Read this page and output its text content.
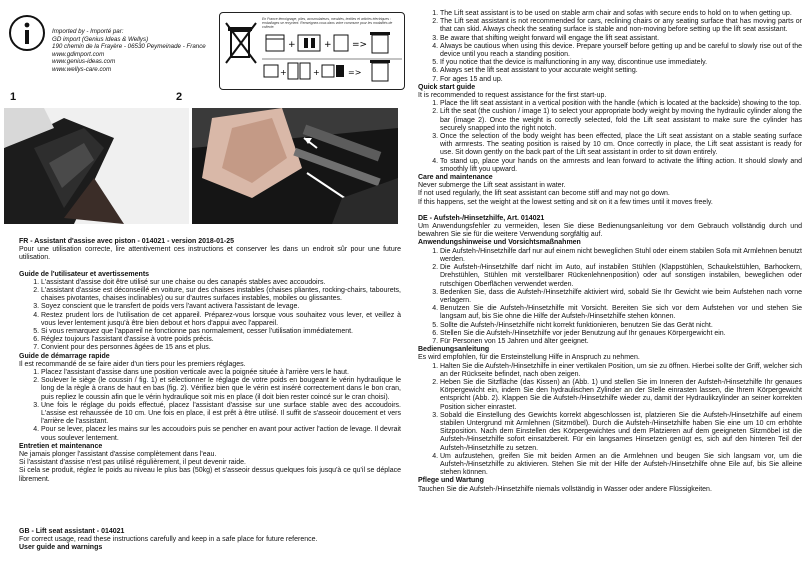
Imported by - Importé par:
GD import (Genius Ideas & Wellys)
190 chemin de la Frayère - 06530 Peymeinade - France
www.gdimport.com
www.genius-ideas.com
www.wellys-care.com
En France témoignage, piles, accumulateurs, meubles, textiles et articles électriques : emballages se recyclent. Renseignez-vous dans votre commune pour les modalités de collecte.
+	+ =>
+	+	=>
1	2
FR - Assistant d'assise avec piston - 014021 - version 2018-01-25

Pour une utilisation correcte, lire attentivement ces instructions et conserver les dans un endroit sûr pour une future utilisation.

Guide de l'utilisateur et avertissements
1. L'assistant d'assise doit être utilisé sur une chaise ou des canapés stables avec accoudoirs.
2. L'assistant d'assise est déconseillé en voiture, sur des chaises instables (chaises pliantes, rocking-chairs, tabourets, chaises pivotantes, chaises inclinables) ou sur d'autres surfaces instables, mobiles ou glissantes.
3. Soyez conscient que le transfert de poids vers l'avant activera l'assistant de levage.
4. Restez prudent lors de l'utilisation de cet appareil. Préparez-vous lorsque vous souhaitez vous lever, et veillez à vous lever lentement jusqu'à être bien debout et hors d'appui avec l'appareil.
5. Si vous remarquez que l'appareil ne fonctionne pas normalement, cesser l'utilisation immédiatement.
6. Réglez toujours l'assistant d'assise à votre poids précis.
7. Convient pour des personnes âgées de 15 ans et plus.
Guide de démarrage rapide

Il est recommandé de se faire aider d'un tiers pour les premiers réglages.

1. Placez l'assistant d'assise dans une position verticale avec la poignée située à l'arrière vers le haut.
2. Soulever le siège (le coussin / fig. 1) et sélectionner le réglage de votre poids en bougeant le vérin hydraulique le long de la règle à crans de haut en bas (fig. 2). Vérifiez bien que le vérin est inséré correctement dans le bon cran, puis repliez le coussin afin que le vérin hydraulique soit mis en place (il doit bien rester coincé sur le cran choisi).
3. Une fois le réglage du poids effectué, placez l'assistant d'assise sur une surface stable avec des accoudoirs. L'assise est rehaussée de 10 cm. Une fois en place, il est prêt à être utilisé. Il suffit de s'asseoir doucement et vers l'arrière de l'assistant.
4. Pour se lever, placez les mains sur les accoudoirs puis se pencher en avant pour activer l'action de levage. Il devrait vous soulever lentement.
Entretien et maintenance

Ne jamais plonger l'assistant d'assise complètement dans l'eau.

Si l'assistant d'assise n'est pas utilisé régulièrement, il peut devenir raide.

Si cela se produit, réglez le poids au niveau le plus bas (50kg) et s'asseoir dessus quelques fois jusqu'à ce qu'il se déplace librement.

GB - Lift seat assistant - 014021

For correct usage, read these instructions carefully and keep in a safe place for future reference.

User guide and warnings
1. The Lift seat assistant is to be used on stable arm chair and sofas with secure ends to hold on to when getting up.
2. The Lift seat assistant is not recommended for cars, reclining chairs or any seating surface that has moving parts or that can skid. Always check the seating surface is stable and non-moving before setting up the lift seat assistant.
3. Be aware that shifting weight forward will engage the lift seat assistant.
4. Always be cautious when using this device. Prepare yourself before getting up and be careful to slowly rise out of the device until you reach a standing position.
5. If you notice that the device is malfunctioning in any way, discontinue use immediately.
6. Always set the lift seat assistant to your accurate weight setting.
7. For ages 15 and up.
Quick start guide

It is recommended to request assistance for the first start-up.

1. Place the lift seat assistant in a vertical position with the handle (which is located at the backside) showing to the top.
2. Lift the seat (the cushion / image 1) to select your appropriate body weight by moving the hydraulic cylinder along the bar (image 2). Once the weight is correctly selected, fold the Lift seat assistant to make sure the cylinder has securely snapped into the right notch.
3. Once the selection of the body weight has been effected, place the Lift seat assistant on a stable seating surface with armrests. The seating position is raised by 10 cm. Once correctly in place, the Lift seat assistant is ready for use. Sit down gently on the back part of the Lift seat assistant in order to sit down entirely.
4. To stand up, place your hands on the armrests and lean forward to activate the lifting action. It should slowly and smoothly lift you upward.
Care and maintenance

Never submerge the Lift seat assistant in water.

If not used regularly, the lift seat assistant can become stiff and may not go down.

If this happens, set the weight at the lowest setting and sit on it a few times until it moves freely.

DE - Aufsteh-/Hinsetzhilfe, Art. 014021

Um Anwendungsfehler zu vermeiden, lesen Sie diese Bedienungsanleitung vor dem Gebrauch vollständig durch und bewahren Sie sie für die weitere Verwendung sorgfältig auf.

Anwendungshinweise und Vorsichtsmaßnahmen
1. Die Aufsteh-/Hinsetzhilfe darf nur auf einem nicht beweglichen Stuhl oder einem stabilen Sofa mit Armlehnen benutzt werden.
2. Die Aufsteh-/Hinsetzhilfe darf nicht im Auto, auf instabilen Stühlen (Klappstühlen, Schaukelstühlen, Barhockern, Drehstühlen, Stühlen mit verstellbarer Rückenlehnenposition) oder auf sonstigen instabilen, beweglichen oder rutschigen Oberflächen verwendet werden.
3. Bedenken Sie, dass die Aufsteh-/Hinsetzhilfe aktiviert wird, sobald Sie Ihr Gewicht wie beim Aufstehen nach vorne verlagern.
4. Benutzen Sie die Aufsteh-/Hinsetzhilfe mit Vorsicht. Bereiten Sie sich vor dem Aufstehen vor und stehen Sie langsam auf, bis Sie ohne die Hilfe der Aufsteh-/Hinsetzhilfe stehen können.
5. Sollte die Aufsteh-/Hinsetzhilfe nicht korrekt funktionieren, benutzen Sie das Gerät nicht.
6. Stellen Sie die Aufsteh-/Hinsetzhilfe vor jeder Benutzung auf Ihr genaues Körpergewicht ein.
7. Für Personen von 15 Jahren und älter geeignet.
Bedienungsanleitung

Es wird empfohlen, für die Ersteinstellung Hilfe in Anspruch zu nehmen.

1. Halten Sie die Aufsteh-/Hinsetzhilfe in einer vertikalen Position, um sie zu öffnen. Hierbei sollte der Griff, welcher sich an der Rückseite befindet, nach oben zeigen.
2. Heben Sie die Sitzfläche (das Kissen) an (Abb. 1) und stellen Sie im Inneren der Aufsteh-/Hinsetzhilfe Ihr genaues Körpergewicht ein, indem Sie den hydraulischen Zylinder an der Stelle einrasten lassen, die Ihrem Körpergewicht entspricht (Abb. 2). Klappen Sie die Aufsteh-/Hinsetzhilfe wieder zu, damit der Hydraulikzylinder an seiner korrekten Position sicher einrastet.
3. Sobald die Einstellung des Gewichts korrekt abgeschlossen ist, platzieren Sie die Aufsteh-/Hinsetzhilfe auf einem stabilen Untergrund mit Armlehnen (Sitzmöbel). Durch die Aufsteh-/Hinsetzhilfe haben Sie eine um 10 cm erhöhte Sitzposition. Nach dem Einstellen des Körpergewichtes und dem Platzieren auf dem geeigneten Sitzmöbel ist die Aufsteh-/Hinsetzhilfe sofort einsatzbereit. Für ein langsames Hinsetzen genügt es, sich auf den hinteren Teil der Aufsteh-/Hinsetzhilfe zu setzen.
4. Um aufzustehen, greifen Sie mit beiden Armen an die Armlehnen und beugen Sie sich langsam vor, um die Aufsteh-/Hinsetzhilfe zu aktivieren. Stehen Sie mit der Hilfe der Aufsteh-/Hinsetzhilfe ohne Eile auf, bis Sie alleine stehen können.
Pflege und Wartung

Tauchen Sie die Aufsteh-/Hinsetzhilfe niemals vollständig in Wasser oder andere Flüssigkeiten.
